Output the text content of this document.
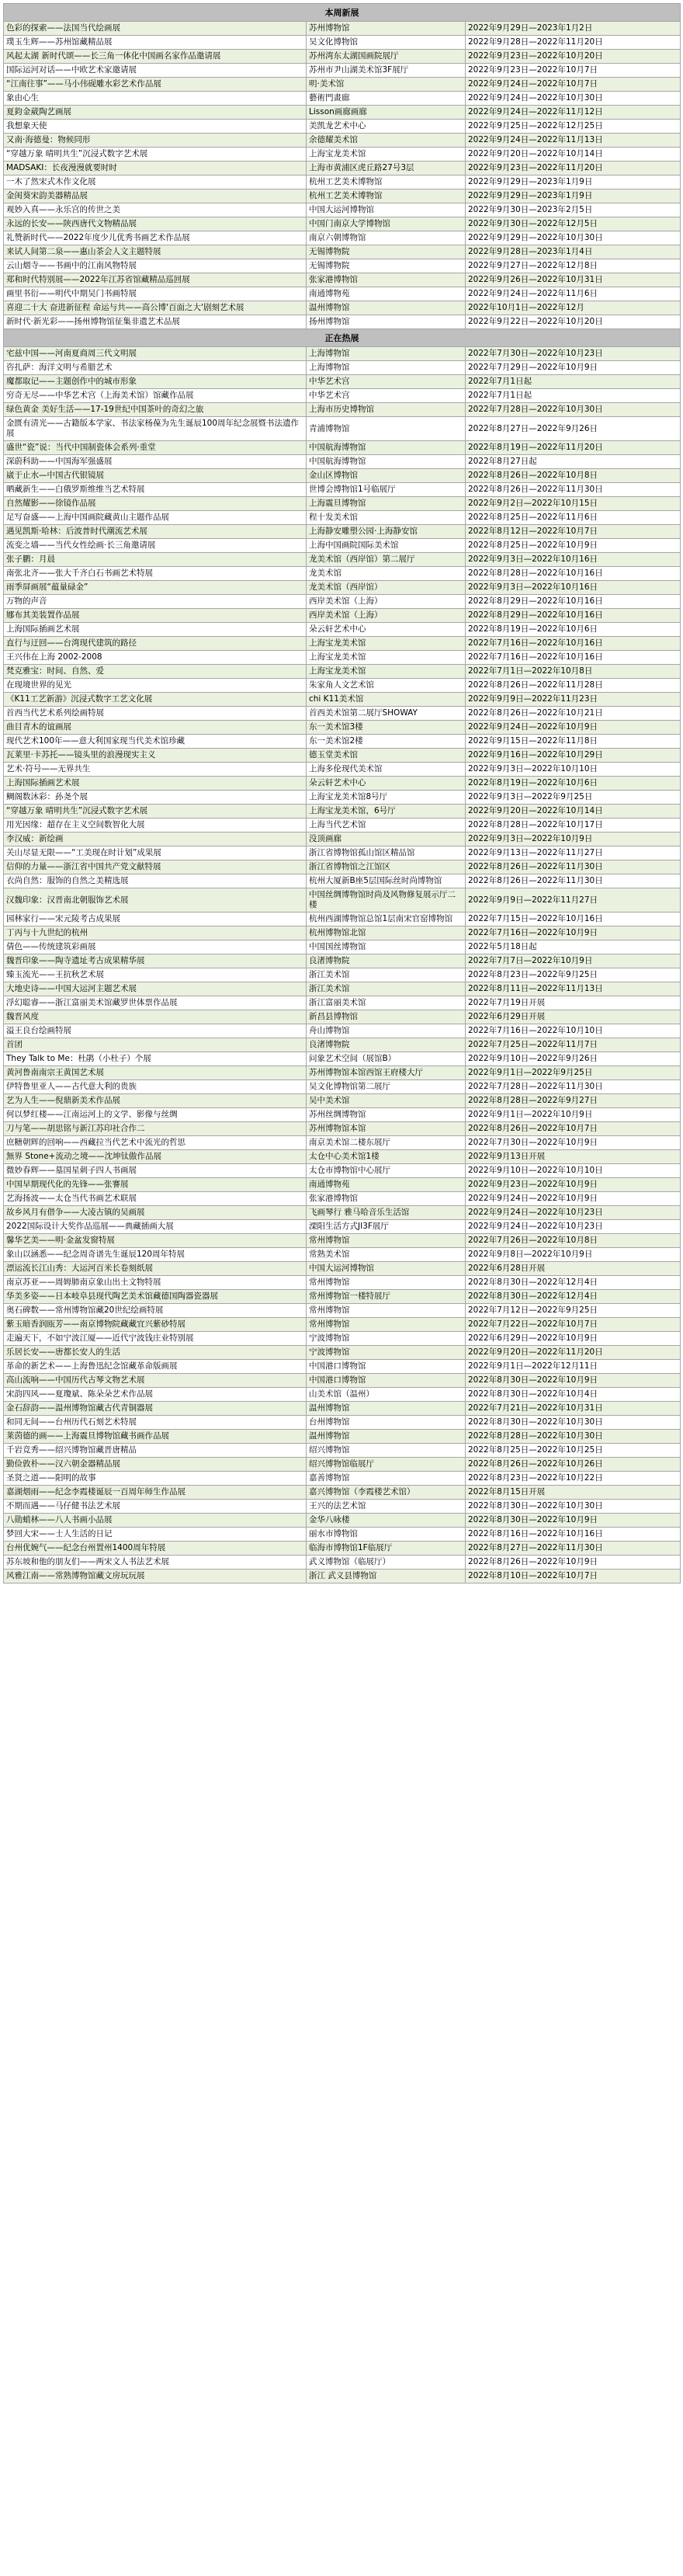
本周新展		
色彩的探索——法国当代绘画展	苏州博物馆	2022年9月29日—2023年1月2日
璞玉生辉——苏州馆藏精品展	吴文化博物馆	2022年9月28日—2022年11月20日
风起太湖 新时代颂——长三角一体化中国画名家作品邀请展	苏州湾东太湖国画院展厅	2022年9月23日—2022年10月20日
国际运河对话——中欧艺术家邀请展	苏州市尹山湖美术馆3F展厅	2022年9月23日—2022年10月7日
“江南往事”——马小伟砚雕水彩艺术作品展	明·美术馆	2022年9月24日—2022年10月7日
象由心生	藝術門畫廊	2022年9月24日—2022年10月30日
夏鈞金葳陶艺画展	Lisson画廊画廊	2022年9月24日—2022年11月12日
我想象天使	美凯龙艺术中心	2022年9月25日—2022年12月25日
又南·海德曼：物候同形	余德耀美术馆	2022年9月24日—2022年11月13日
“穿越万象 晴明共生”沉浸式数字艺术展	上海宝龙美术馆	2022年9月20日—2022年10月14日
MADSAKI：长夜漫漫就要时时	上海市黄浦区虎丘路27号3层	2022年9月23日—2022年11月20日
一木了然宋式木作文化展	杭州工艺美术博物馆	2022年9月29日—2023年1月9日
金闺葵宋韵美器精品展	杭州工艺美术博物馆	2022年9月29日—2023年1月9日
观妙入真——永乐宫的传世之美	中国大运河博物馆	2022年9月30日—2023年2月5日
永远的长安——陕西唐代文物精品展	中国门南京大学博物馆	2022年9月30日—2022年12月5日
礼赞新时代——2022年度少儿优秀书画艺术作品展	南京六朝博物馆	2022年9月29日—2022年10月30日
来试人间第二泉——惠山茶会人文主题特展	无锡博物院	2022年9月28日—2023年1月4日
云山烟寺——书画中的江南风物特展	无锡博物院	2022年9月27日—2022年12月8日
郑和时代特别展——2022年江苏省馆藏精品巡回展	张家港博物馆	2022年9月26日—2022年10月31日
画里书衍——明代中期吴门书画特展	南通博物苑	2022年9月24日—2022年11月6日
喜迎二十大 奋进新征程 命运与共——高公博'百面之大'剧刻艺术展	温州博物馆	2022年10月1日—2022年12月
新时代·新光彩——扬州博物馆征集非遗艺术品展	扬州博物馆	2022年9月22日—2022年10月20日
正在热展		
宅兹中国——河南夏商周三代文明展	上海博物馆	2022年7月30日—2022年10月23日
咨扎萨：海洋文明与希腊艺术	上海博物馆	2022年7月29日—2022年10月9日
魔都取记——主题创作中的城市形象	中华艺术宫	2022年7月1日起
穷奇无尽——中华艺术宫（上海美术馆）馆藏作品展	中华艺术宫	2022年7月1日起
绿色黄金 美好生活——17-19世纪中国茶叶的奇幻之旅	上海市历史博物馆	2022年7月28日—2022年10月30日
金匮有清光——古籍版本学家、书法家杨葆为先生诞辰100周年纪念展暨书法遗作展	青浦博物馆	2022年8月27日—2022年9月26日
盛世“瓷”说：当代中国制瓷体会系列·重堂	中国航海博物馆	2022年8月19日—2022年11月20日
深蔚科助——中国海军强盛展	中国航海博物馆	2022年8月27日起
崴于止水—中国古代银镜展	金山区博物馆	2022年8月26日—2022年10月8日
晒藏新生——白俄罗斯维维当艺术特展	世博会博物馆1号临展厅	2022年8月26日—2022年11月30日
自然耀影——徐镜作品展	上海震旦博物馆	2022年9月2日—2022年10月15日
足写奋盛——上海中国画院藏黄山主题作品展	程十发美术馆	2022年8月25日—2022年11月6日
遇见凯斯·哈林：后波普时代潮流艺术展	上海静安雕塑公园·上海静安馆	2022年8月12日—2022年10月7日
流变之墙——当代女性绘画·长三角邀请展	上海中国画院国际美术馆	2022年8月25日—2022年10月9日
张子鹏：月晨	龙美术馆（西岸馆）第二展厅	2022年9月3日—2022年10月16日
南张北齐——张大千齐白石书画艺术特展	龙美术馆	2022年8月28日—2022年10月16日
雨季屏画展“蕴量碌金”	龙美术馆（西岸馆）	2022年9月3日—2022年10月16日
万物的声音	西岸美术馆（上海）	2022年8月29日—2022年10月16日
娜布其美装置作品展	西岸美术馆（上海）	2022年8月29日—2022年10月16日
上海国际插画艺术展	朵云轩艺术中心	2022年8月19日—2022年10月6日
直行与迂回——台湾现代建筑的路径	上海宝龙美术馆	2022年7月16日—2022年10月16日
王兴伟在上海 2002-2008	上海宝龙美术馆	2022年7月16日—2022年10月16日
梵克雅宝：时间、自然、爱	上海宝龙美术馆	2022年7月1日—2022年10月8日
在现境世界的见光	朱家角人文艺术馆	2022年8月26日—2022年11月28日
《K11工艺新游》沉浸式数字工艺文化展	chi K11美术馆	2022年9月9日—2022年11月23日
首西当代艺术系列绘画特展	首西美术馆第二展厅SHOWAY	2022年8月26日—2022年10月21日
曲目青木的谊画展	东一美术馆3楼	2022年9月24日—2022年10月9日
现代艺术100年——意大利国家现当代美术馆珍藏	东一美术馆2楼	2022年9月15日—2022年11月8日
瓦莱里·卡苏托——镜头里的浪漫现实主义	德玉堂美术馆	2022年9月16日—2022年10月29日
艺术·符号——无界共生	上海多伦现代美术馆	2022年9月3日—2022年10月10日
上海国际插画艺术展	朵云轩艺术中心	2022年8月19日—2022年10月6日
鲷阁数沐彩：孙尧个展	上海宝龙美术馆8号厅	2022年9月3日—2022年9月25日
“穿越万象 晴明共生”沉浸式数字艺术展	上海宝龙美术馆，6号厅	2022年9月20日—2022年10月14日
用光因缘：超存在主义空间数智化大展	上海当代艺术馆	2022年8月28日—2022年10月17日
李汉威：新绘画	没顶画廊	2022年9月3日—2022年10月9日
关山尽显无限——“工美现在时计划”成果展	浙江省博物馆孤山馆区精品馆	2022年9月13日—2022年11月27日
信仰的力量——浙江省中国共产党文献特展	浙江省博物馆之江馆区	2022年8月26日—2022年11月30日
衣尚自然：服饰的自然之美精选展	杭州大厦新B座5层国际丝时尚博物馆	2022年8月26日—2022年11月30日
汉魏印象：汉晋南北朝服饰艺术展	中国丝绸博物馆时尚及风物修复展示厅二楼	2022年9月9日—2022年11月27日
园林家行——宋元陵考古成果展	杭州西湖博物馆总馆1层南宋官窑博物馆	2022年7月15日—2022年10月16日
丁丙与十九世纪的杭州	杭州博物馆北馆	2022年7月16日—2022年10月9日
倩色——传统建筑彩画展	中国国丝博物馆	2022年5月18日起
魏晋印象——陶寺遗址考古成果精华展	良渚博物院	2022年7月7日—2022年10月9日
臻玉流光——王抗秋艺术展	浙江美术馆	2022年8月23日—2022年9月25日
大地史诗——中国大运河主题艺术展	浙江美术馆	2022年8月11日—2022年11月13日
浮幻聪睿——浙江富丽美术馆藏罗世体票作品展	浙江富丽美术馆	2022年7月19日开展
魏晋风度	新昌县博物馆	2022年6月29日开展
溢王良台绘画特展	舟山博物馆	2022年7月16日—2022年10月10日
首团	良渚博物院	2022年7月25日—2022年11月7日
They Talk to Me：杜鹃（小杜子）个展	问象艺术空间（展馆B）	2022年9月10日—2022年9月26日
黄河鲁南南宗王黄国艺术展	苏州博物馆本馆西馆王府楼大厅	2022年9月1日—2022年9月25日
伊特鲁里亚人——古代意大利的贵族	吴文化博物馆第二展厅	2022年7月28日—2022年11月30日
艺为人生——倪鼎新美术作品展	吴中美术馆	2022年8月28日—2022年9月27日
何以梦红楼——江南运河上的文学、影像与丝绸	苏州丝绸博物馆	2022年9月1日—2022年10月9日
刀与笔——胡思铭与新江苏印社合作二	苏州博物馆本馆	2022年8月26日—2022年10月7日
庶糖朝辉的回响——西藏拉当代艺术中流光的哲思	南京美术馆二楼东展厅	2022年7月30日—2022年10月9日
無界 Stone+流动之境——沈坤钛傲作品展	太仓中心美术馆1楼	2022年9月13日开展
微妙春辉——墓国星刺子四人书画展	太仓市博物馆中心展厅	2022年9月10日—2022年10月10日
中国早期现代化的先锋——张謇展	南通博物苑	2022年9月23日—2022年10月9日
艺海扬波——太仓当代书画艺术联展	张家港博物馆	2022年9月24日—2022年10月9日
故乡风月有借争——大凌古镇的吴画展	飞画琴行 雅马哈音乐生活馆	2022年9月24日—2022年10月23日
2022国际设计大奖作品巡展——典藏插画大展	溧阳生活方式JI3F展厅	2022年9月24日—2022年10月23日
馨华艺美——明·金盆发窗特展	常州博物馆	2022年7月26日—2022年10月8日
象山以涵悉——纪念周奇谱先生诞辰120周年特展	常熟美术馆	2022年9月8日—2022年10月9日
漂运流长江山秀：大运河百米长卷刻纸展	中国大运河博物馆	2022年6月28日开展
南京苏亚——周姆肺南京象山出土文物特展	常州博物馆	2022年8月30日—2022年12月4日
华美多姿——日本岐阜县现代陶艺美术馆藏德国陶器瓷器展	常州博物馆一楼特展厅	2022年8月30日—2022年12月4日
奥石碑数——常州博物馆藏20世纪绘画特展	常州博物馆	2022年7月12日—2022年9月25日
紫玉暗香润瓯芳——南京博物院藏藏宜兴紫砂特展	常州博物馆	2022年7月22日—2022年10月7日
走遍天下，不如宁波江厦——近代宁波钱庄业特别展	宁波博物馆	2022年6月29日—2022年10月9日
乐居长安——唐都长安人的生活	宁波博物馆	2022年9月20日—2022年11月20日
革命的新艺术——上海鲁迅纪念馆藏革命版画展	中国港口博物馆	2022年9月1日—2022年12月11日
高山流响——中国历代古琴文物艺术展	中国港口博物馆	2022年8月30日—2022年10月9日
宋韵四风——夏瓊斌、陈朵朵艺术作品展	山美术馆（温州）	2022年8月30日—2022年10月4日
金石辞韵——温州博物馆藏古代青铜器展	温州博物馆	2022年7月21日—2022年10月31日
和同无间——台州历代石刻艺术特展	台州博物馆	2022年8月30日—2022年10月30日
莱茵德的画——上海震旦博物馆藏书画作品展	温州博物馆	2022年8月28日—2022年10月30日
千岩竞秀——绍兴博物馆藏晋唐精品	绍兴博物馆	2022年8月25日—2022年10月25日
勤俭敦朴——汉六朝金器精品展	绍兴博物馆临展厅	2022年8月26日—2022年10月26日
圣贤之道——阳明的故事	嘉善博物馆	2022年8月23日—2022年10月22日
嘉湖烟雨——纪念李霞楼诞辰一百周年师生作品展	嘉兴博物馆（李霞楼艺术馆）	2022年8月15日开展
不期而遇——马仔健书法艺术展	王兴的法艺术馆	2022年8月30日—2022年10月30日
八勋蛸林——八人书画小品展	金华八咏楼	2022年8月30日—2022年10月9日
梦回大宋——士人生活的日记	丽水市博物馆	2022年8月16日—2022年10月16日
台州优婉气——纪念台州置州1400周年特展	临海市博物馆1F临展厅	2022年8月27日—2022年11月30日
苏东坡和他的朋友们——两宋文人书法艺术展	武义博物馆（临展厅）	2022年8月26日—2022年10月9日
风雅江南——常熟博物馆藏文房玩玩展	浙江 武义县博物馆	2022年8月10日—2022年10月7日
